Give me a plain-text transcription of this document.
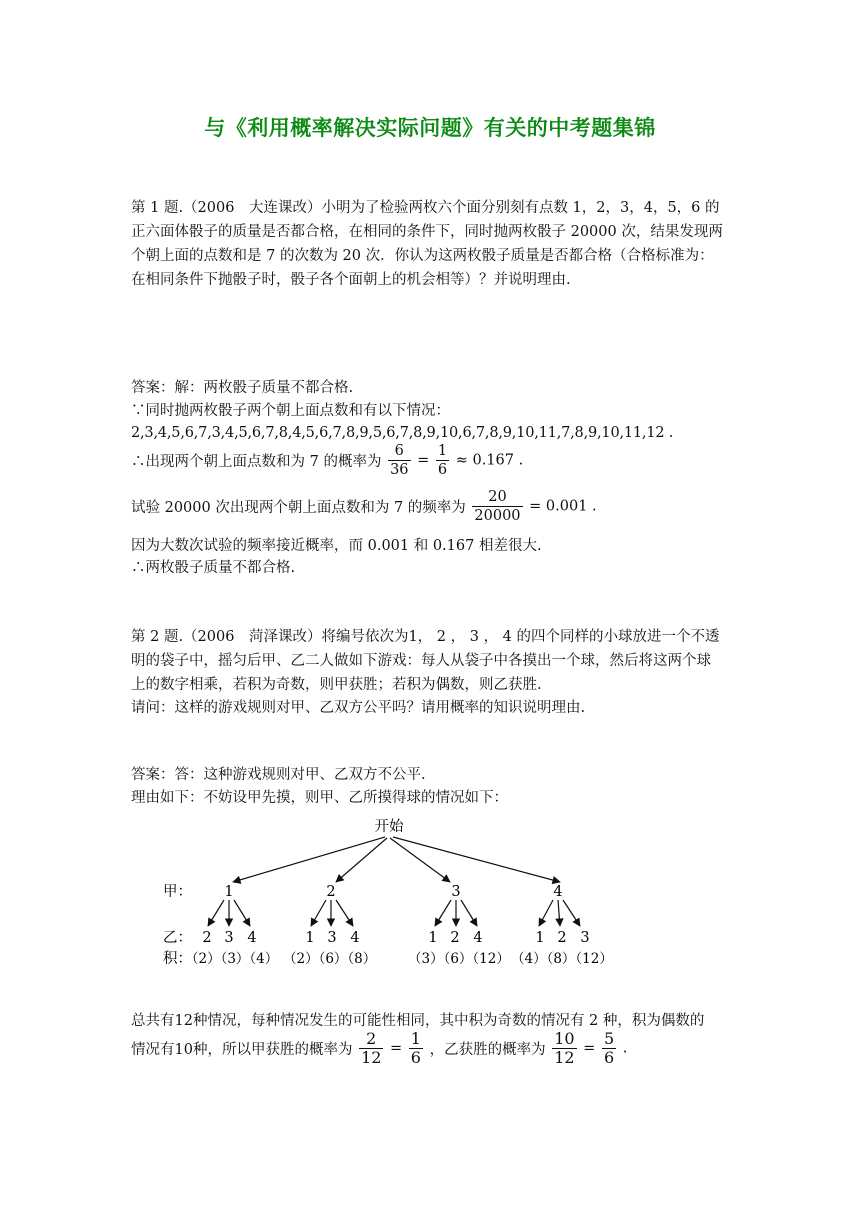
与《利用概率解决实际问题》有关的中考题集锦
第 1 题.（2006　大连课改）小明为了检验两枚六个面分别刻有点数 1，2，3，4，5，6 的
正六面体骰子的质量是否都合格，在相同的条件下，同时抛两枚骰子 20000 次，结果发现两
个朝上面的点数和是 7 的次数为 20 次．你认为这两枚骰子质量是否都合格（合格标准为：
在相同条件下抛骰子时，骰子各个面朝上的机会相等）？并说明理由.
答案：解：两枚骰子质量不都合格.
∵同时抛两枚骰子两个朝上面点数和有以下情况：
2,3,4,5,6,7,3,4,5,6,7,8,4,5,6,7,8,9,5,6,7,8,9,10,6,7,8,9,10,11,7,8,9,10,11,12 .
∴出现两个朝上面点数和为 7 的概率为 $\frac{6}{36} = \frac{1}{6} \approx 0.167$ .
试验 20000 次出现两个朝上面点数和为 7 的频率为 $\frac{20}{20000} = 0.001$ .
因为大数次试验的频率接近概率，而 0.001 和 0.167 相差很大.
∴两枚骰子质量不都合格.
第 2 题.（2006　菏泽课改）将编号依次为1， 2 ， 3 ， 4 的四个同样的小球放进一个不透
明的袋子中，摇匀后甲、乙二人做如下游戏：每人从袋子中各摸出一个球，然后将这两个球
上的数字相乘，若积为奇数，则甲获胜；若积为偶数，则乙获胜.
请问：这样的游戏规则对甲、乙双方公平吗？请用概率的知识说明理由.
答案：答：这种游戏规则对甲、乙双方不公平.
理由如下：不妨设甲先摸，则甲、乙所摸得球的情况如下：
开始
甲： 1	2	3	4
乙： 2 3 4	1 3 4	1 2 4	1 2 3
积：
（2）（3）（4） （2）（6）（8） （3）（6）（12） （4）（8）（12）
总共有12种情况，每种情况发生的可能性相同，其中积为奇数的情况有 2 种，积为偶数的
情况有10种，所以甲获胜的概率为 $\frac{2}{12} = \frac{1}{6}$ ，乙获胜的概率为 $\frac{10}{12} = \frac{5}{6}$ .
